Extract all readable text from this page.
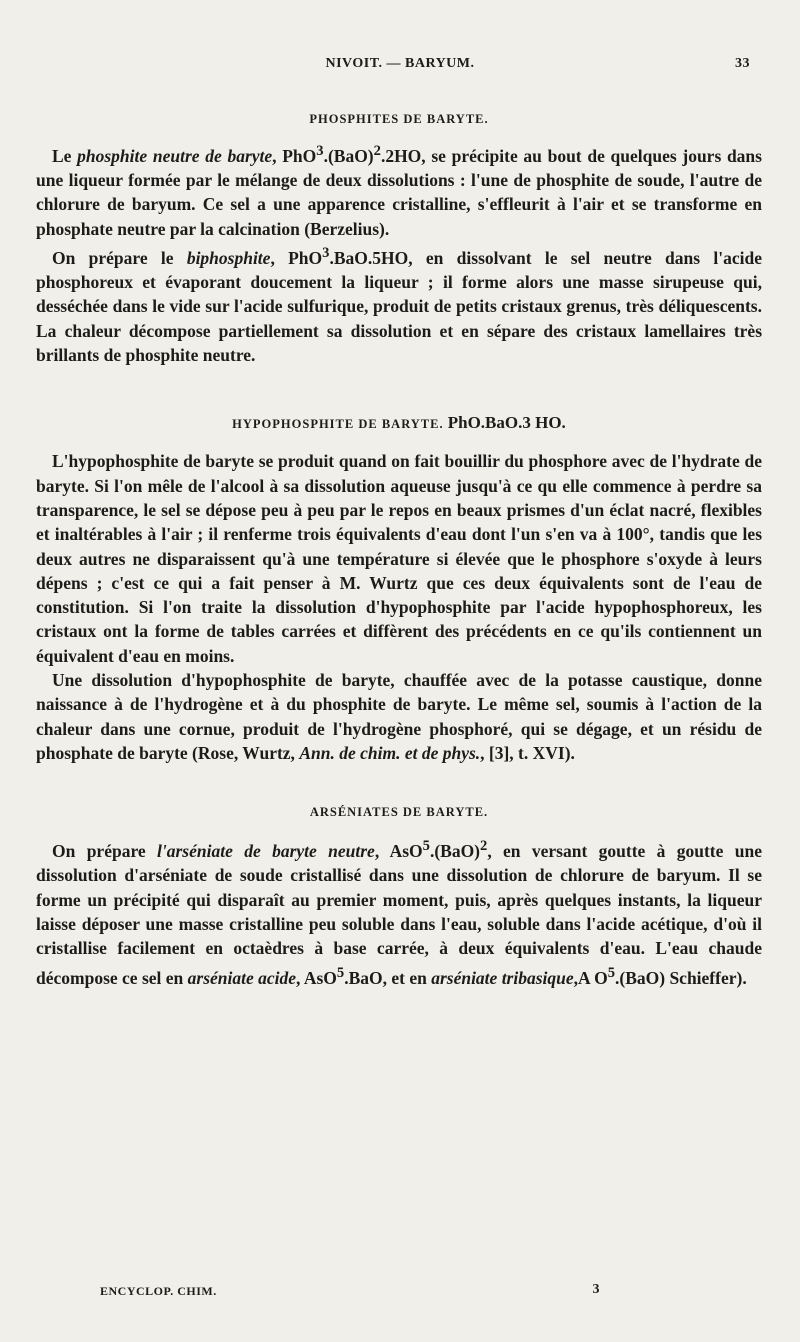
NIVOIT. — BARYUM.	33
PHOSPHITES DE BARYTE.

Le phosphite neutre de baryte, PhO$^3$.(BaO)$^2$.2HO, se précipite au bout de quelques jours dans une liqueur formée par le mélange de deux dissolutions : l'une de phosphite de soude, l'autre de chlorure de baryum. Ce sel a une apparence cristalline, s'effleurit à l'air et se transforme en phosphate neutre par la calcination (Berzelius).

On prépare le biphosphite, PhO$^3$.BaO.5HO, en dissolvant le sel neutre dans l'acide phosphoreux et évaporant doucement la liqueur ; il forme alors une masse sirupeuse qui, desséchée dans le vide sur l'acide sulfurique, produit de petits cristaux grenus, très déliquescents. La chaleur décompose partiellement sa dissolution et en sépare des cristaux lamellaires très brillants de phosphite neutre.

HYPOPHOSPHITE DE BARYTE. PhO.BaO.3 HO.

L'hypophosphite de baryte se produit quand on fait bouillir du phosphore avec de l'hydrate de baryte. Si l'on mêle de l'alcool à sa dissolution aqueuse jusqu'à ce qu elle commence à perdre sa transparence, le sel se dépose peu à peu par le repos en beaux prismes d'un éclat nacré, flexibles et inaltérables à l'air ; il renferme trois équivalents d'eau dont l'un s'en va à 100°, tandis que les deux autres ne disparaissent qu'à une température si élevée que le phosphore s'oxyde à leurs dépens ; c'est ce qui a fait penser à M. Wurtz que ces deux équivalents sont de l'eau de constitution. Si l'on traite la dissolution d'hypophosphite par l'acide hypophosphoreux, les cristaux ont la forme de tables carrées et diffèrent des précédents en ce qu'ils contiennent un équivalent d'eau en moins.

Une dissolution d'hypophosphite de baryte, chauffée avec de la potasse caustique, donne naissance à de l'hydrogène et à du phosphite de baryte. Le même sel, soumis à l'action de la chaleur dans une cornue, produit de l'hydrogène phosphoré, qui se dégage, et un résidu de phosphate de baryte (Rose, Wurtz, Ann. de chim. et de phys., [3], t. XVI).

ARSÉNIATES DE BARYTE.

On prépare l'arséniate de baryte neutre, AsO$^5$.(BaO)$^2$, en versant goutte à goutte une dissolution d'arséniate de soude cristallisé dans une dissolution de chlorure de baryum. Il se forme un précipité qui disparaît au premier moment, puis, après quelques instants, la liqueur laisse déposer une masse cristalline peu soluble dans l'eau, soluble dans l'acide acétique, d'où il cristallise facilement en octaèdres à base carrée, à deux équivalents d'eau. L'eau chaude décompose ce sel en arséniate acide, AsO$^5$.BaO, et en arséniate tribasique,A $O^5.(BaO)$ Schieffer).

ENCYCLOP. CHIM.	3
